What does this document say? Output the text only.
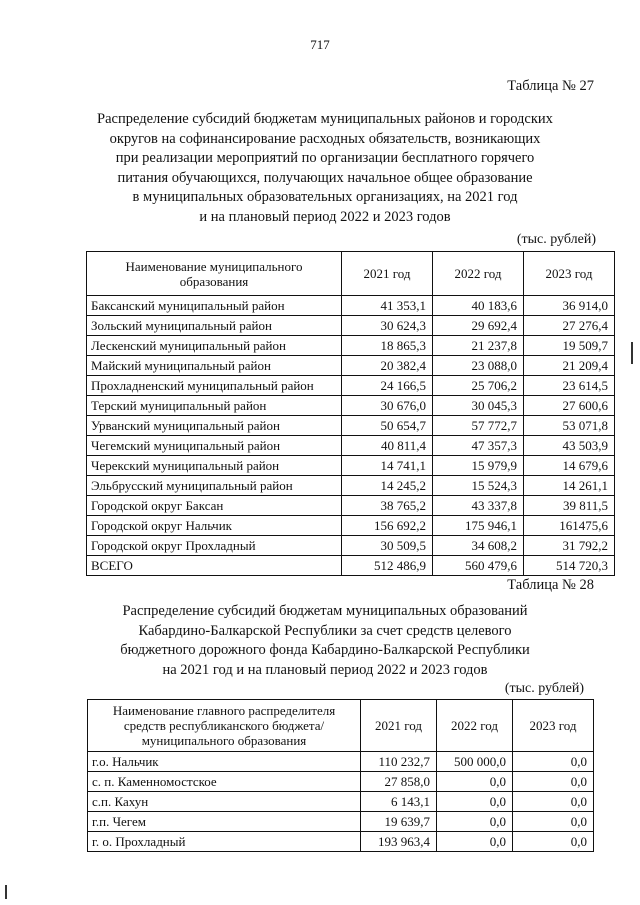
717
Таблица № 27
Распределение субсидий бюджетам муниципальных районов и городских
округов на софинансирование расходных обязательств, возникающих
при реализации мероприятий по организации бесплатного горячего
питания обучающихся, получающих начальное общее образование
в муниципальных образовательных организациях, на 2021 год
и на плановый период 2022 и 2023 годов
(тыс. рублей)
Наименование муниципального образования	2021 год	2022 год	2023 год
Баксанский муниципальный район	41 353,1	40 183,6	36 914,0
Зольский муниципальный район	30 624,3	29 692,4	27 276,4
Лескенский муниципальный район	18 865,3	21 237,8	19 509,7
Майский муниципальный район	20 382,4	23 088,0	21 209,4
Прохладненский муниципальный район	24 166,5	25 706,2	23 614,5
Терский муниципальный район	30 676,0	30 045,3	27 600,6
Урванский муниципальный район	50 654,7	57 772,7	53 071,8
Чегемский муниципальный район	40 811,4	47 357,3	43 503,9
Черекский муниципальный район	14 741,1	15 979,9	14 679,6
Эльбрусский муниципальный район	14 245,2	15 524,3	14 261,1
Городской округ Баксан	38 765,2	43 337,8	39 811,5
Городской округ Нальчик	156 692,2	175 946,1	161475,6
Городской округ Прохладный	30 509,5	34 608,2	31 792,2
ВСЕГО	512 486,9	560 479,6	514 720,3
Таблица № 28
Распределение субсидий бюджетам муниципальных образований
Кабардино-Балкарской Республики за счет средств целевого
бюджетного дорожного фонда Кабардино-Балкарской Республики
на 2021 год и на плановый период 2022 и 2023 годов
(тыс. рублей)
Наименование главного распределителя средств республиканского бюджета/ муниципального образования	2021 год	2022 год	2023 год
г.о. Нальчик	110 232,7	500 000,0	0,0
с. п. Каменномостское	27 858,0	0,0	0,0
с.п. Кахун	6 143,1	0,0	0,0
г.п. Чегем	19 639,7	0,0	0,0
г. о. Прохладный	193 963,4	0,0	0,0
